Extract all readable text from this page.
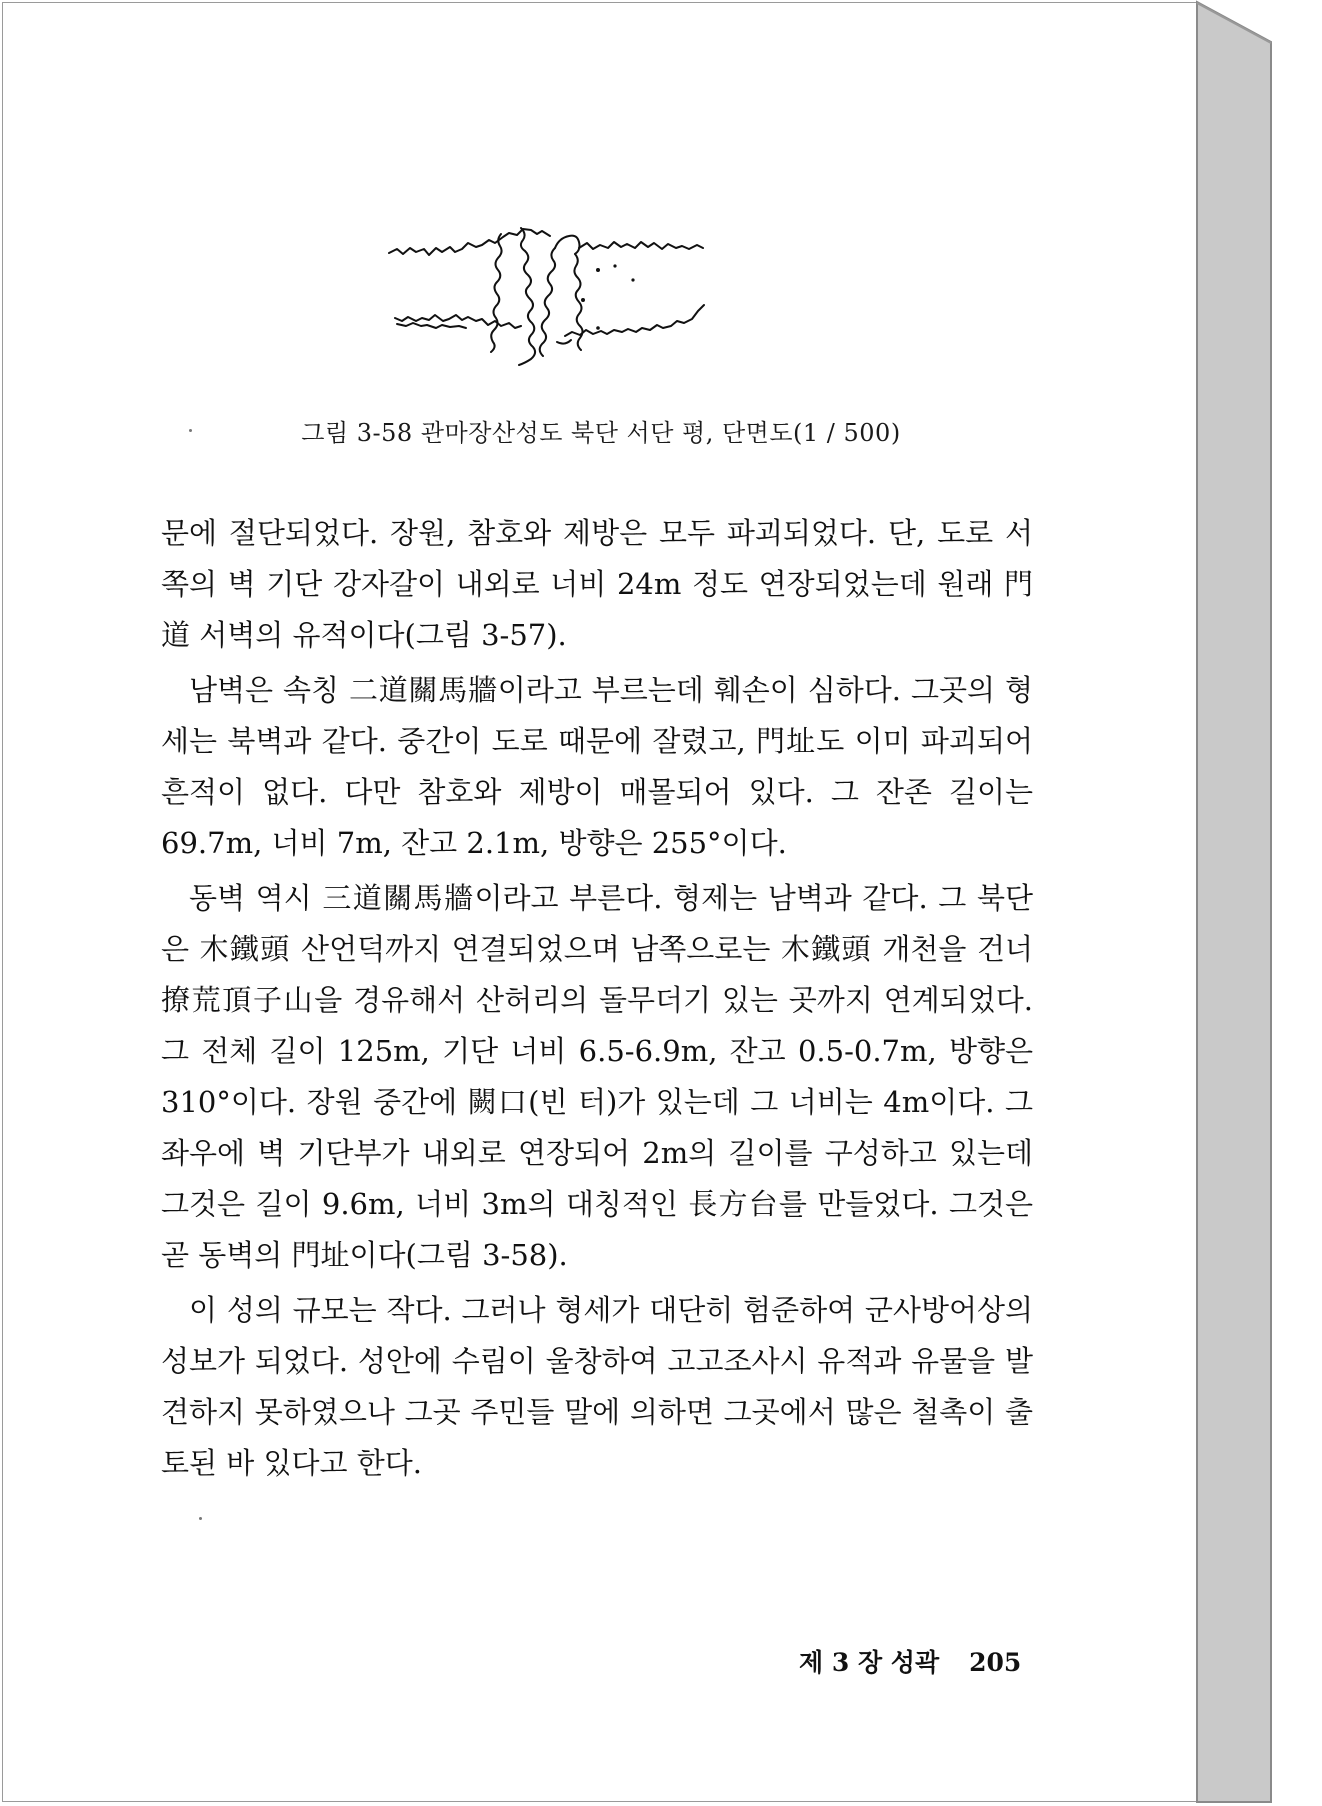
그림 3-58 관마장산성도 북단 서단 평, 단면도(1 / 500)

문에 절단되었다. 장원, 참호와 제방은 모두 파괴되었다. 단, 도로 서쪽의 벽 기단 강자갈이 내외로 너비 24m 정도 연장되었는데 원래 門道 서벽의 유적이다(그림 3-57).

남벽은 속칭 二道關馬牆이라고 부르는데 훼손이 심하다. 그곳의 형세는 북벽과 같다. 중간이 도로 때문에 잘렸고, 門址도 이미 파괴되어 흔적이 없다. 다만 참호와 제방이 매몰되어 있다. 그 잔존 길이는 69.7m, 너비 7m, 잔고 2.1m, 방향은 255°이다.

동벽 역시 三道關馬牆이라고 부른다. 형제는 남벽과 같다. 그 북단은 木鐵頭 산언덕까지 연결되었으며 남쪽으로는 木鐵頭 개천을 건너 撩荒頂子山을 경유해서 산허리의 돌무더기 있는 곳까지 연계되었다. 그 전체 길이 125m, 기단 너비 6.5-6.9m, 잔고 0.5-0.7m, 방향은 310°이다. 장원 중간에 闕口(빈 터)가 있는데 그 너비는 4m이다. 그 좌우에 벽 기단부가 내외로 연장되어 2m의 길이를 구성하고 있는데 그것은 길이 9.6m, 너비 3m의 대칭적인 長方台를 만들었다. 그것은 곧 동벽의 門址이다(그림 3-58).

이 성의 규모는 작다. 그러나 형세가 대단히 험준하여 군사방어상의성보가 되었다. 성안에 수림이 울창하여 고고조사시 유적과 유물을 발견하지 못하였으나 그곳 주민들 말에 의하면 그곳에서 많은 철촉이 출토된 바 있다고 한다.

제 3 장 성곽 205
